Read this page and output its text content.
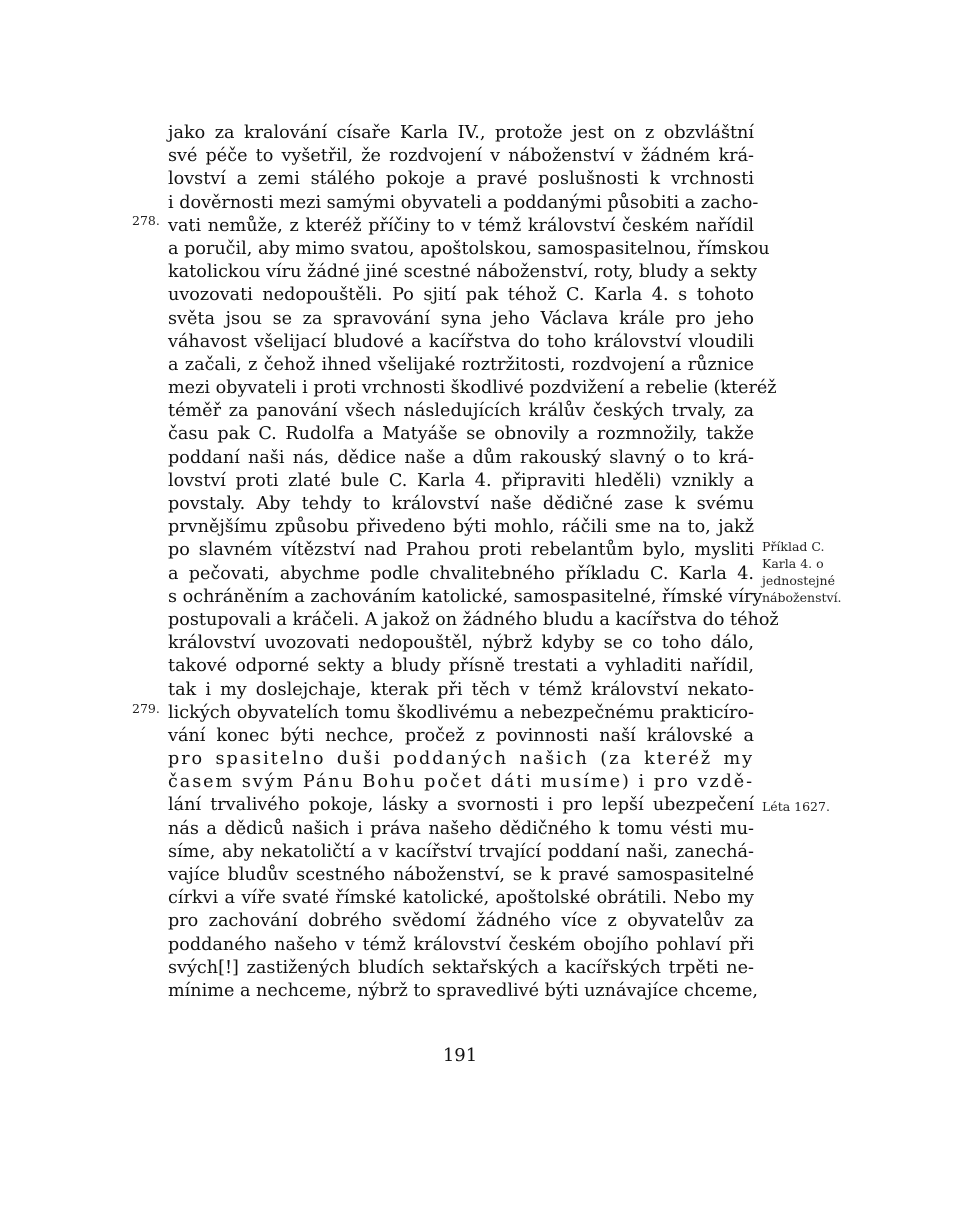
278.
279.
Příklad C.
Karla 4. o
jednostejné
náboženství.
Léta 1627.
jako za kralování císaře Karla IV., protože jest on z obzvláštní
své péče to vyšetřil, že rozdvojení v náboženství v žádném krá-
lovství a zemi stálého pokoje a pravé poslušnosti k vrchnosti
i dověrnosti mezi samými obyvateli a poddanými působiti a zacho-
vati nemůže, z kteréž příčiny to v témž království českém nařídil
a poručil, aby mimo svatou, apoštolskou, samospasitelnou, římskou
katolickou víru žádné jiné scestné náboženství, roty, bludy a sekty
uvozovati nedopouštěli. Po sjití pak téhož C. Karla 4. s tohoto
světa jsou se za spravování syna jeho Václava krále pro jeho
váhavost všelijací bludové a kacířstva do toho království vloudili
a začali, z čehož ihned všelijaké roztržitosti, rozdvojení a různice
mezi obyvateli i proti vrchnosti škodlivé pozdvižení a rebelie (kteréž
téměř za panování všech následujících králův českých trvaly, za
času pak C. Rudolfa a Matyáše se obnovily a rozmnožily, takže
poddaní naši nás, dědice naše a dům rakouský slavný o to krá-
lovství proti zlaté bule C. Karla 4. připraviti hleděli) vznikly a
povstaly. Aby tehdy to království naše dědičné zase k svému
prvnějšímu způsobu přivedeno býti mohlo, ráčili sme na to, jakž
po slavném vítězství nad Prahou proti rebelantům bylo, mysliti
a pečovati, abychme podle chvalitebného příkladu C. Karla 4.
s ochráněním a zachováním katolické, samospasitelné, římské víry
postupovali a kráčeli. A jakož on žádného bludu a kacířstva do téhož
království uvozovati nedopouštěl, nýbrž kdyby se co toho dálo,
takové odporné sekty a bludy přísně trestati a vyhladiti nařídil,
tak i my doslejchaje, kterak při těch v témž království nekato-
lických obyvatelích tomu škodlivému a nebezpečnému prakticíro-
vání konec býti nechce, pročež z povinnosti naší královské a
pro spasitelno duši poddaných našich (za kteréž my
časem svým Pánu Bohu počet dáti musíme) i pro vzdě-
lání trvalivého pokoje, lásky a svornosti i pro lepší ubezpečení
nás a dědiců našich i práva našeho dědičného k tomu vésti mu-
síme, aby nekatoličtí a v kacířství trvající poddaní naši, zanechá-
vajíce bludův scestného náboženství, se k pravé samospasitelné
církvi a víře svaté římské katolické, apoštolské obrátili. Nebo my
pro zachování dobrého svědomí žádného více z obyvatelův za
poddaného našeho v témž království českém obojího pohlaví při
svých[!] zastižených bludích sektařských a kacířských trpěti ne-
mínime a nechceme, nýbrž to spravedlivé býti uznávajíce chceme,
191
